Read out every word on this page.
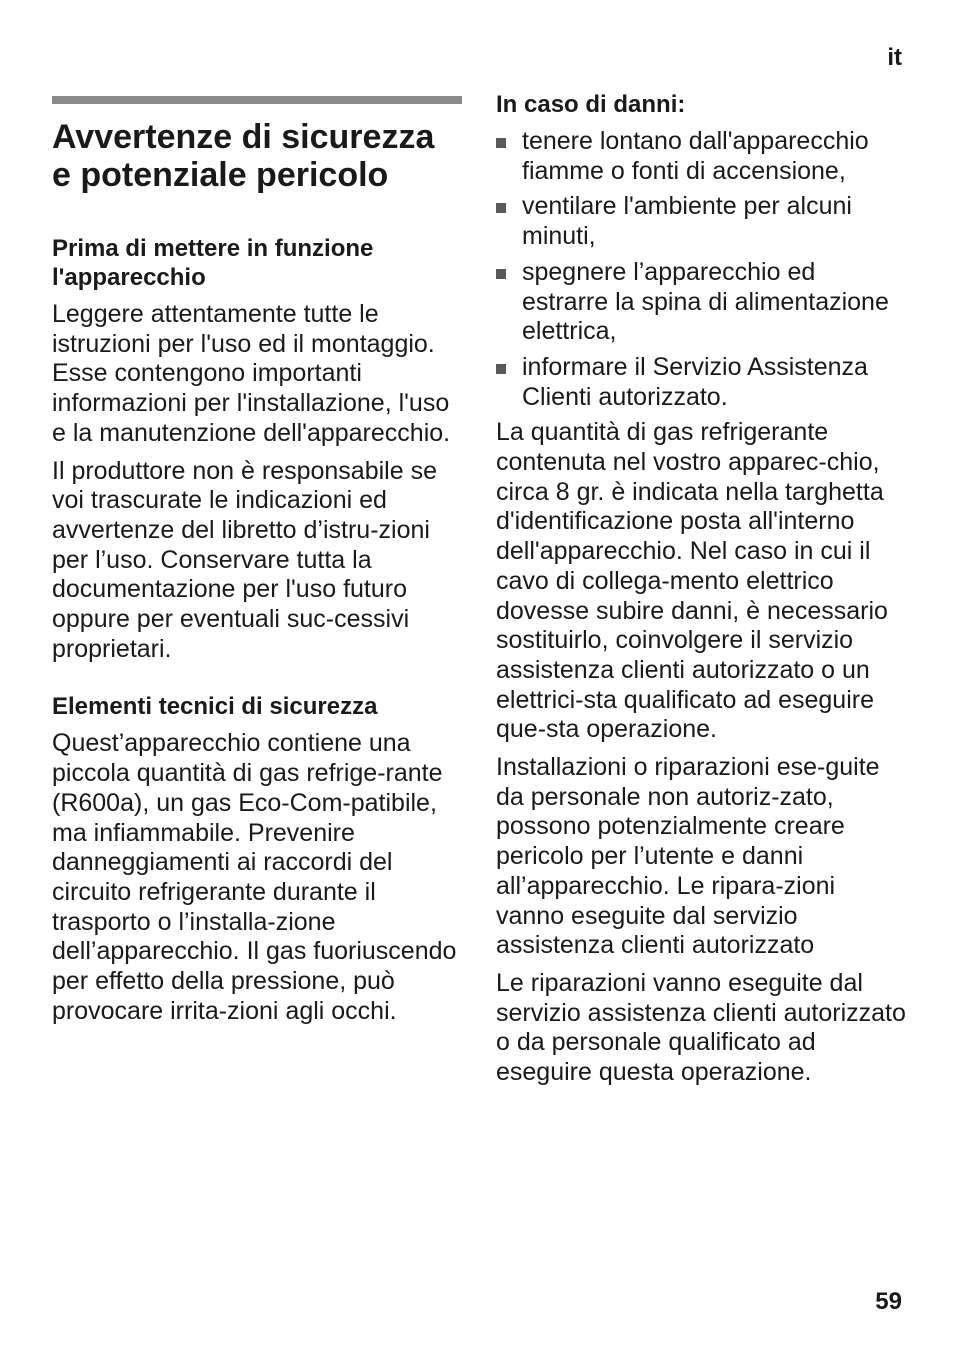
it
Avvertenze di sicurezza e potenziale pericolo
Prima di mettere in funzione l'apparecchio

Leggere attentamente tutte le istruzioni per l'uso ed il montaggio. Esse contengono importanti informazioni per l'installazione, l'uso e la manutenzione dell'apparecchio.

Il produttore non è responsabile se voi trascurate le indicazioni ed avvertenze del libretto d’istru-zioni per l’uso. Conservare tutta la documentazione per l'uso futuro oppure per eventuali suc-cessivi proprietari.

Elementi tecnici di sicurezza

Quest’apparecchio contiene una piccola quantità di gas refrige-rante (R600a), un gas Eco-Com-patibile, ma infiammabile. Prevenire danneggiamenti ai raccordi del circuito refrigerante durante il trasporto o l’installa-zione dell’apparecchio. Il gas fuoriuscendo per effetto della pressione, può provocare irrita-zioni agli occhi.

In caso di danni:
tenere lontano dall'apparecchio fiamme o fonti di accensione,
ventilare l'ambiente per alcuni minuti,
spegnere l’apparecchio ed estrarre la spina di alimentazione elettrica,
informare il Servizio Assistenza Clienti autorizzato.

La quantità di gas refrigerante contenuta nel vostro apparec-chio, circa 8 gr. è indicata nella targhetta d'identificazione posta all'interno dell'apparecchio. Nel caso in cui il cavo di collega-mento elettrico dovesse subire danni, è necessario sostituirlo, coinvolgere il servizio assistenza clienti autorizzato o un elettrici-sta qualificato ad eseguire que-sta operazione.

Installazioni o riparazioni ese-guite da personale non autoriz-zato, possono potenzialmente creare pericolo per l’utente e danni all’apparecchio. Le ripara-zioni vanno eseguite dal servizio assistenza clienti autorizzato

Le riparazioni vanno eseguite dal servizio assistenza clienti autorizzato o da personale qualificato ad eseguire questa operazione.

59
